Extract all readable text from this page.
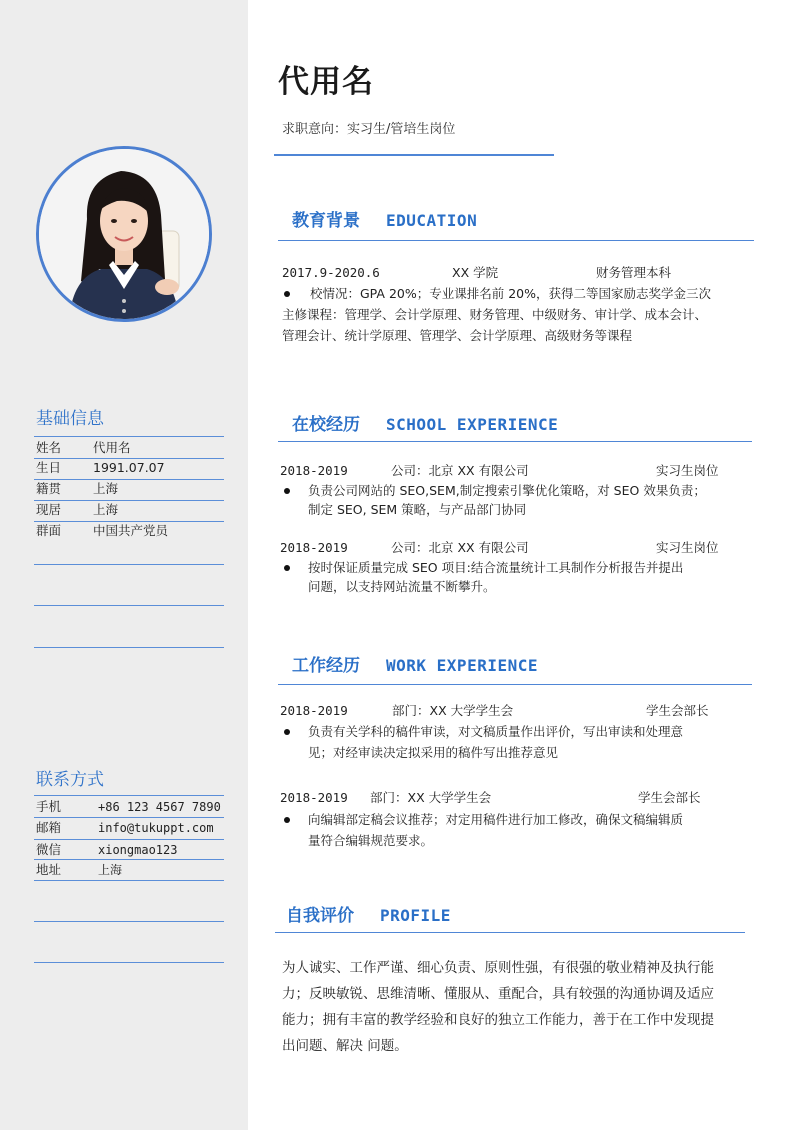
基础信息
姓名	代用名
生日	1991.07.07
籍贯	上海
现居	上海
群面	中国共产党员
联系方式
手机	+86 123 4567 7890
邮箱	info@tukuppt.com
微信	xiongmao123
地址	上海
代用名
求职意向：实习生/管培生岗位
教育背景 EDUCATION
2017.9-2020.6	XX 学院	财务管理本科
校情况：GPA 20%；专业课排名前 20%，获得二等国家励志奖学金三次
主修课程：管理学、会计学原理、财务管理、中级财务、审计学、成本会计、
管理会计、统计学原理、管理学、会计学原理、高级财务等课程
在校经历 SCHOOL EXPERIENCE
2018-2019	公司：北京 XX 有限公司	实习生岗位
负责公司网站的 SEO,SEM,制定搜索引擎优化策略，对 SEO 效果负责；
制定 SEO, SEM 策略，与产品部门协同
2018-2019	公司：北京 XX 有限公司	实习生岗位
按时保证质量完成 SEO 项目:结合流量统计工具制作分析报告并提出
问题，以支持网站流量不断攀升。
工作经历 WORK EXPERIENCE
2018-2019	部门：XX 大学学生会	学生会部长
负责有关学科的稿件审读，对文稿质量作出评价，写出审读和处理意
见；对经审读决定拟采用的稿件写出推荐意见
2018-2019 部门：XX 大学学生会	学生会部长
向编辑部定稿会议推荐；对定用稿件进行加工修改，确保文稿编辑质
量符合编辑规范要求。
自我评价 PROFILE
为人诚实、工作严谨、细心负责、原则性强，有很强的敬业精神及执行能
力；反映敏锐、思维清晰、懂服从、重配合，具有较强的沟通协调及适应
能力；拥有丰富的教学经验和良好的独立工作能力，善于在工作中发现提
出问题、解决 问题。
